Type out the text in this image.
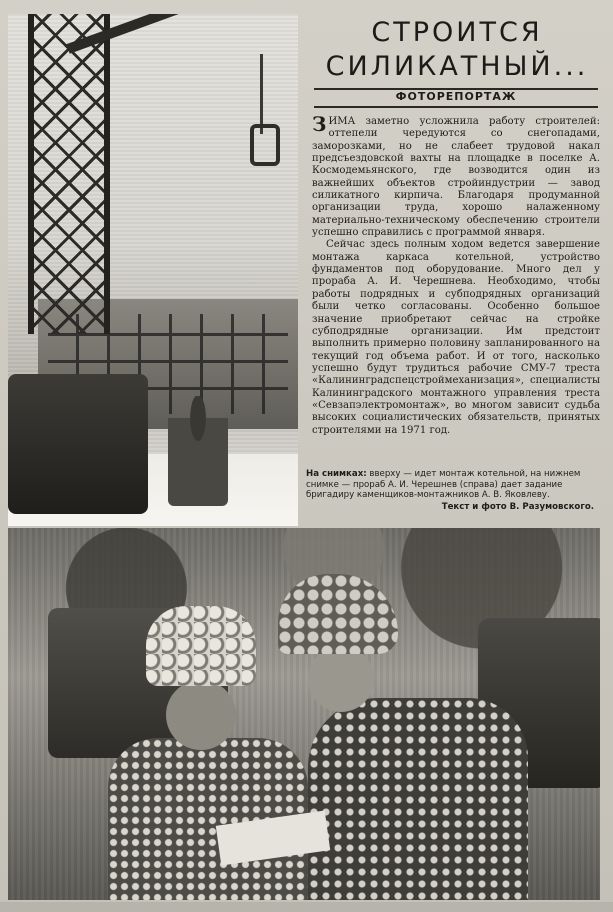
СТРОИТСЯ
СИЛИКАТНЫЙ...
ФОТОРЕПОРТАЖ

ЗИМА заметно усложнила работу строителей: оттепели чередуются со снегопадами, заморозками, но не слабеет трудовой накал предсъездовской вахты на площадке в поселке А. Космодемьянского, где возводится один из важнейших объектов стройиндустрии — завод силикатного кирпича. Благодаря продуманной организации труда, хорошо налаженному материально-техническому обеспечению строители успешно справились с программой января.

Сейчас здесь полным ходом ведется завершение монтажа каркаса котельной, устройство фундаментов под оборудование. Много дел у прораба А. И. Черешнева. Необходимо, чтобы работы подрядных и субподрядных организаций были четко согласованы. Особенно большое значение приобретают сейчас на стройке субподрядные организации. Им предстоит выполнить примерно половину запланированного на текущий год объема работ. И от того, насколько успешно будут трудиться рабочие СМУ-7 треста «Калининградспецстроймеханизация», специалисты Калининградского монтажного управления треста «Севзапэлектромонтаж», во многом зависит судьба высоких социалистических обязательств, принятых строителями на 1971 год.

На снимках: вверху — идет монтаж котельной, на нижнем снимке — прораб А. И. Черешнев (справа) дает задание бригадиру каменщиков-монтажников А. В. Яковлеву.
Текст и фото В. Разумовского.
